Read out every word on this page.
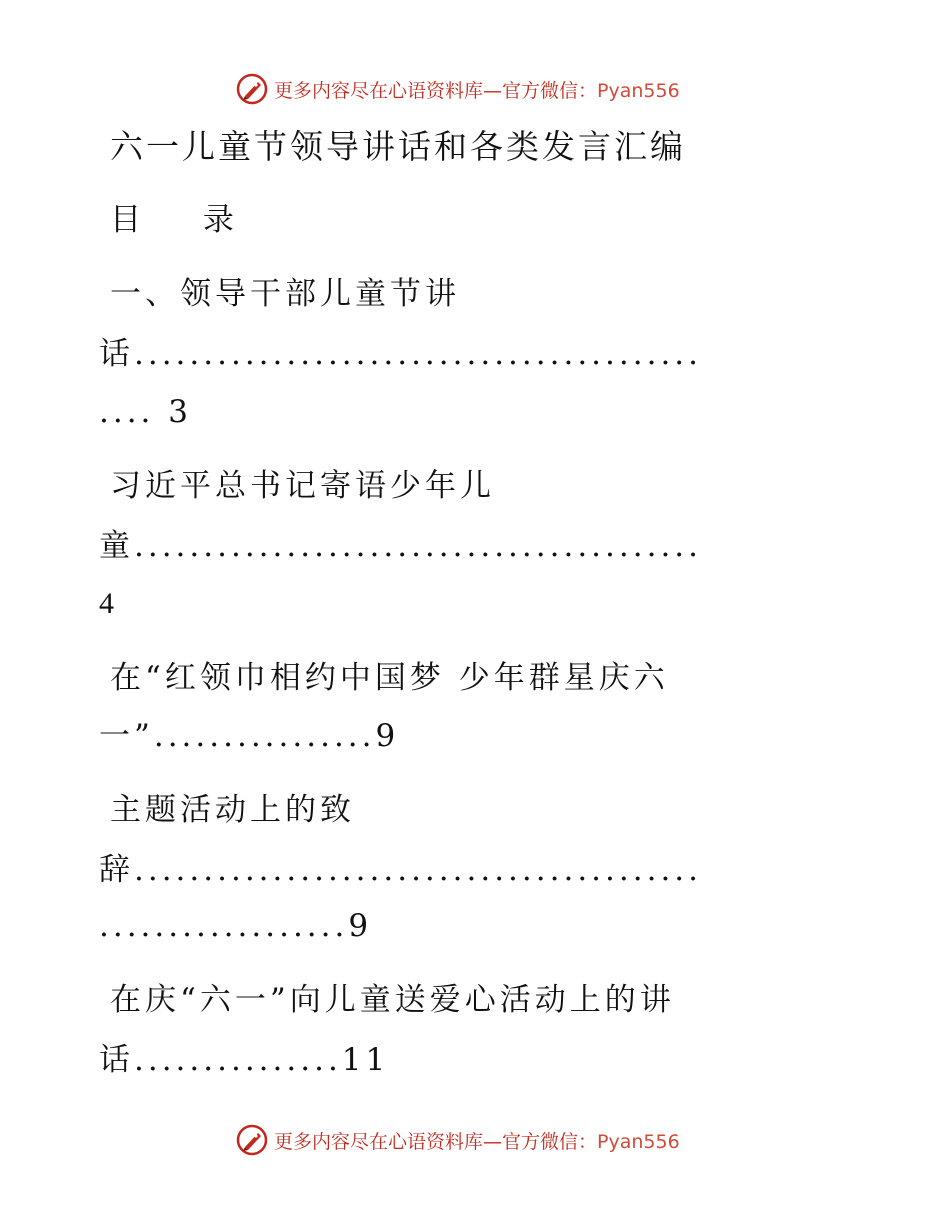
更多内容尽在心语资料库—官方微信：Pyan556
六一儿童节领导讲话和各类发言汇编
目 录
一、领导干部儿童节讲
话.........................................
.... 3
习近平总书记寄语少年儿
童.........................................
4
在“红领巾相约中国梦 少年群星庆六
一”................9
主题活动上的致
辞.........................................
..................9
在庆“六一”向儿童送爱心活动上的讲
话...............11
更多内容尽在心语资料库—官方微信：Pyan556
